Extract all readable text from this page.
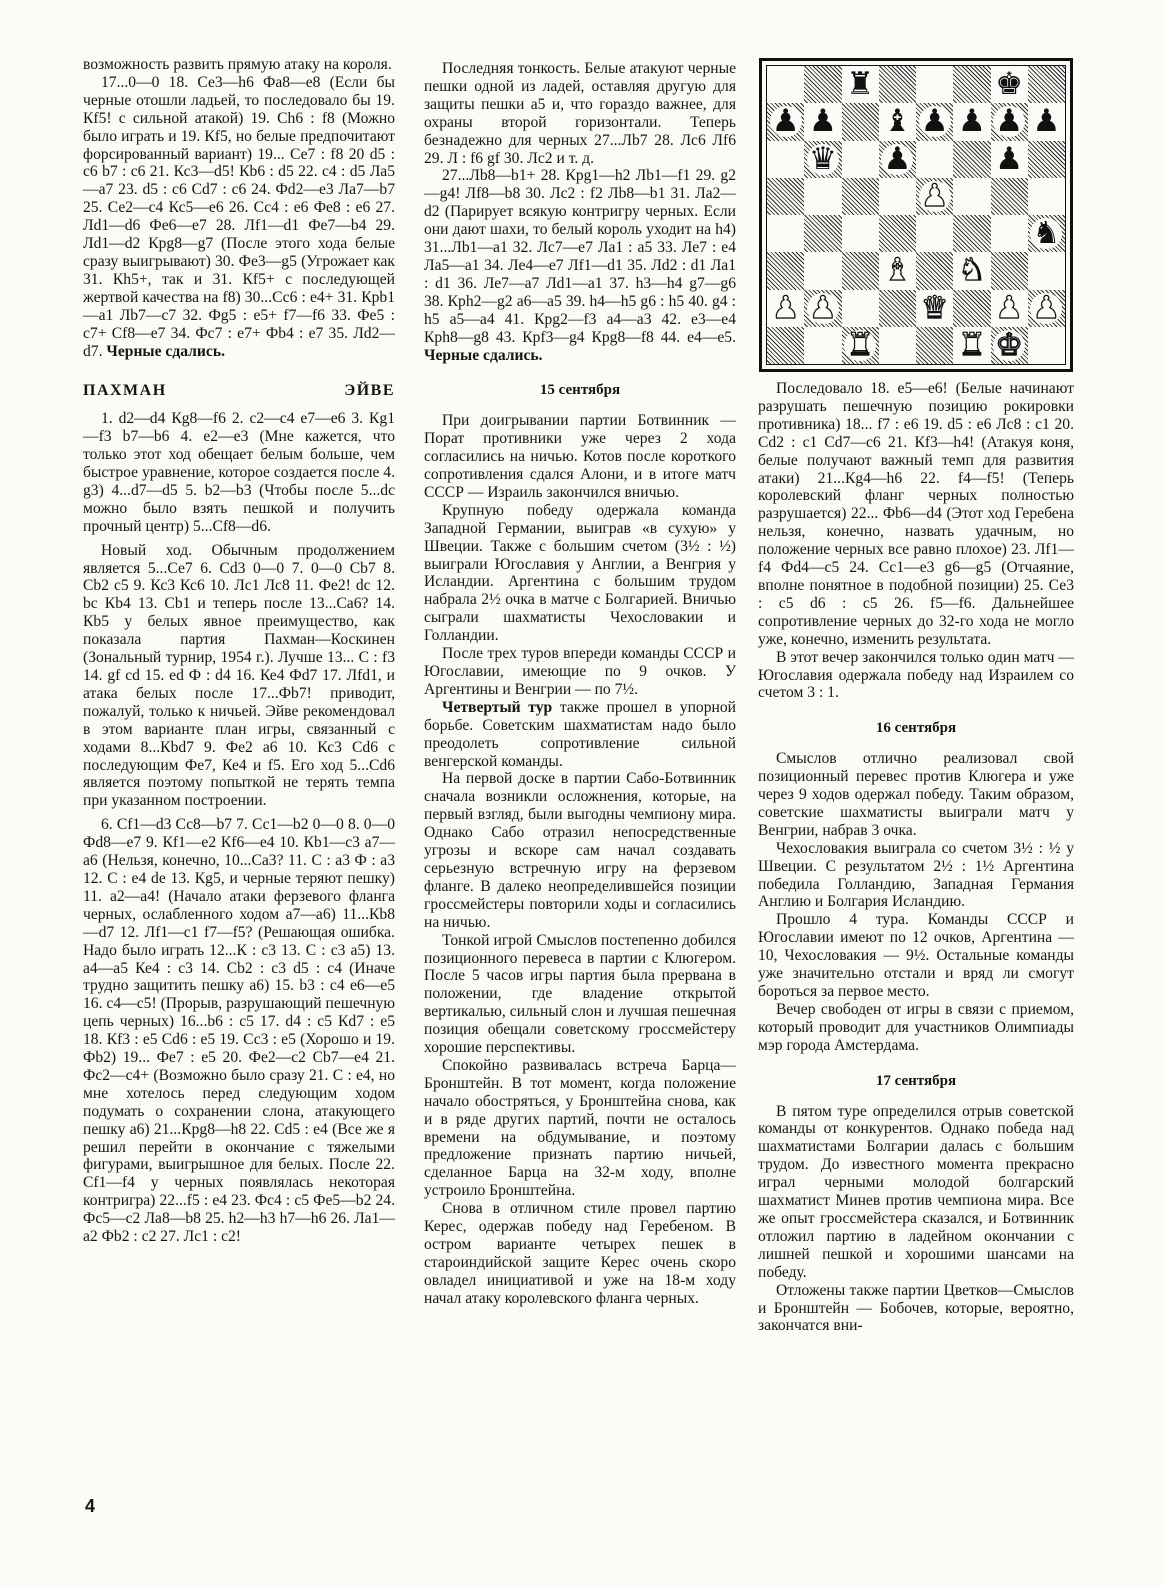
возможность развить прямую атаку на короля.

17...0—0 18. Се3—h6 Фа8—е8 (Если бы черные отошли ладьей, то последовало бы 19. Кf5! с сильной атакой) 19. Сh6 : f8 (Можно было играть и 19. Кf5, но белые предпочитают форсированный вариант) 19... Се7 : f8 20 d5 : с6 b7 : с6 21. Кс3—d5! Кb6 : d5 22. с4 : d5 Ла5—а7 23. d5 : с6 Сd7 : с6 24. Фd2—е3 Ла7—b7 25. Се2—с4 Кс5—е6 26. Сс4 : е6 Фе8 : е6 27. Лd1—d6 Фе6—е7 28. Лf1—d1 Фе7—b4 29. Лd1—d2 Крg8—g7 (После этого хода белые сразу выигрывают) 30. Фе3—g5 (Угрожает как 31. Кh5+, так и 31. Кf5+ с последующей жертвой качества на f8) 30...Сс6 : е4+ 31. Крb1—а1 Лb7—с7 32. Фg5 : е5+ f7—f6 33. Фе5 : с7+ Сf8—е7 34. Фс7 : е7+ Фb4 : е7 35. Лd2—d7. Черные сдались.

ПАХМАН	ЭЙВЕ

1. d2—d4 Кg8—f6 2. с2—с4 е7—е6 3. Кg1—f3 b7—b6 4. е2—е3 (Мне кажется, что только этот ход обещает белым больше, чем быстрое уравнение, которое создается после 4. g3) 4...d7—d5 5. b2—b3 (Чтобы после 5...dс можно было взять пешкой и получить прочный центр) 5...Сf8—d6.

Новый ход. Обычным продолжением является 5...Се7 6. Сd3 0—0 7. 0—0 Сb7 8. Сb2 с5 9. Кс3 Кс6 10. Лс1 Лс8 11. Фе2! dс 12. bс Кb4 13. Сb1 и теперь после 13...Са6? 14. Кb5 у белых явное преимущество, как показала партия Пахман—Коскинен (Зональный турнир, 1954 г.). Лучше 13... С : f3 14. gf сd 15. еd Ф : d4 16. Ке4 Фd7 17. Лfd1, и атака белых после 17...Фb7! приводит, пожалуй, только к ничьей. Эйве рекомендовал в этом варианте план игры, связанный с ходами 8...Кbd7 9. Фе2 а6 10. Кс3 Сd6 с последующим Фе7, Ке4 и f5. Его ход 5...Сd6 является поэтому попыткой не терять темпа при указанном построении.

6. Сf1—d3 Сс8—b7 7. Сс1—b2 0—0 8. 0—0 Фd8—е7 9. Кf1—е2 Кf6—е4 10. Кb1—с3 а7—а6 (Нельзя, конечно, 10...Са3? 11. С : а3 Ф : а3 12. С : е4 dе 13. Кg5, и черные теряют пешку) 11. а2—а4! (Начало атаки ферзевого фланга черных, ослабленного ходом а7—а6) 11...Кb8—d7 12. Лf1—с1 f7—f5? (Решающая ошибка. Надо было играть 12...К : с3 13. С : с3 а5) 13. а4—а5 Ке4 : с3 14. Сb2 : с3 d5 : с4 (Иначе трудно защитить пешку а6) 15. b3 : с4 е6—е5 16. с4—с5! (Прорыв, разрушающий пешечную цепь черных) 16...b6 : с5 17. d4 : с5 Кd7 : е5 18. Кf3 : е5 Сd6 : е5 19. Сс3 : е5 (Хорошо и 19. Фb2) 19... Фе7 : е5 20. Фе2—с2 Сb7—е4 21. Фс2—с4+ (Возможно было сразу 21. С : е4, но мне хотелось перед следующим ходом подумать о сохранении слона, атакующего пешку а6) 21...Крg8—h8 22. Сd5 : е4 (Все же я решил перейти в окончание с тяжелыми фигурами, выигрышное для белых. После 22. Сf1—f4 у черных появлялась некоторая контригра) 22...f5 : е4 23. Фс4 : с5 Фе5—b2 24. Фс5—с2 Ла8—b8 25. h2—h3 h7—h6 26. Ла1—а2 Фb2 : с2 27. Лс1 : с2!

Последняя тонкость. Белые атакуют черные пешки одной из ладей, оставляя другую для защиты пешки а5 и, что гораздо важнее, для охраны второй горизонтали. Теперь безнадежно для черных 27...Лb7 28. Лс6 Лf6 29. Л : f6 gf 30. Лс2 и т. д.

27...Лb8—b1+ 28. Крg1—h2 Лb1—f1 29. g2—g4! Лf8—b8 30. Лс2 : f2 Лb8—b1 31. Ла2—d2 (Парирует всякую контригру черных. Если они дают шахи, то белый король уходит на h4) 31...Лb1—а1 32. Лс7—е7 Ла1 : а5 33. Ле7 : е4 Ла5—а1 34. Ле4—е7 Лf1—d1 35. Лd2 : d1 Ла1 : d1 36. Ле7—а7 Лd1—а1 37. h3—h4 g7—g6 38. Крh2—g2 а6—а5 39. h4—h5 g6 : h5 40. g4 : h5 а5—а4 41. Крg2—f3 а4—а3 42. е3—е4 Крh8—g8 43. Крf3—g4 Крg8—f8 44. е4—е5. Черные сдались.

15 сентября

При доигрывании партии Ботвинник — Порат противники уже через 2 хода согласились на ничью. Котов после короткого сопротивления сдался Алони, и в итоге матч СССР — Израиль закончился вничью.

Крупную победу одержала команда Западной Германии, выиграв «в сухую» у Швеции. Также с большим счетом (3½ : ½) выиграли Югославия у Англии, а Венгрия у Исландии. Аргентина с большим трудом набрала 2½ очка в матче с Болгарией. Вничью сыграли шахматисты Чехословакии и Голландии.

После трех туров впереди команды СССР и Югославии, имеющие по 9 очков. У Аргентины и Венгрии — по 7½.

Четвертый тур также прошел в упорной борьбе. Советским шахматистам надо было преодолеть сопротивление сильной венгерской команды.

На первой доске в партии Сабо-Ботвинник сначала возникли осложнения, которые, на первый взгляд, были выгодны чемпиону мира. Однако Сабо отразил непосредственные угрозы и вскоре сам начал создавать серьезную встречную игру на ферзевом фланге. В далеко неопределившейся позиции гроссмейстеры повторили ходы и согласились на ничью.

Тонкой игрой Смыслов постепенно добился позиционного перевеса в партии с Клюгером. После 5 часов игры партия была прервана в положении, где владение открытой вертикалью, сильный слон и лучшая пешечная позиция обещали советскому гроссмейстеру хорошие перспективы.

Спокойно развивалась встреча Барца—Бронштейн. В тот момент, когда положение начало обостряться, у Бронштейна снова, как и в ряде других партий, почти не осталось времени на обдумывание, и поэтому предложение признать партию ничьей, сделанное Барца на 32-м ходу, вполне устроило Бронштейна.

Снова в отличном стиле провел партию Керес, одержав победу над Геребеном. В остром варианте четырех пешек в староиндийской защите Керес очень скоро овладел инициативой и уже на 18-м ходу начал атаку королевского фланга черных.

♜	♚
♟ ♟ ♝ ♟ ♟ ♟ ♟
♛ ♟	♟
♟
♞
♝ ♞
♟ ♟	♛ ♟ ♟
♜	♜ ♚

Последовало 18. е5—е6! (Белые начинают разрушать пешечную позицию рокировки противника) 18... f7 : е6 19. d5 : е6 Лс8 : с1 20. Сd2 : с1 Сd7—с6 21. Кf3—h4! (Атакуя коня, белые получают важный темп для развития атаки) 21...Кg4—h6 22. f4—f5! (Теперь королевский фланг черных полностью разрушается) 22... Фb6—d4 (Этот ход Геребена нельзя, конечно, назвать удачным, но положение черных все равно плохое) 23. Лf1—f4 Фd4—с5 24. Сс1—е3 g6—g5 (Отчаяние, вполне понятное в подобной позиции) 25. Се3 : с5 d6 : с5 26. f5—f6. Дальнейшее сопротивление черных до 32-го хода не могло уже, конечно, изменить результата.

В этот вечер закончился только один матч — Югославия одержала победу над Израилем со счетом 3 : 1.

16 сентября

Смыслов отлично реализовал свой позиционный перевес против Клюгера и уже через 9 ходов одержал победу. Таким образом, советские шахматисты выиграли матч у Венгрии, набрав 3 очка.

Чехословакия выиграла со счетом 3½ : ½ у Швеции. С результатом 2½ : 1½ Аргентина победила Голландию, Западная Германия Англию и Болгария Исландию.

Прошло 4 тура. Команды СССР и Югославии имеют по 12 очков, Аргентина — 10, Чехословакия — 9½. Остальные команды уже значительно отстали и вряд ли смогут бороться за первое место.

Вечер свободен от игры в связи с приемом, который проводит для участников Олимпиады мэр города Амстердама.

17 сентября

В пятом туре определился отрыв советской команды от конкурентов. Однако победа над шахматистами Болгарии далась с большим трудом. До известного момента прекрасно играл черными молодой болгарский шахматист Минев против чемпиона мира. Все же опыт гроссмейстера сказался, и Ботвинник отложил партию в ладейном окончании с лишней пешкой и хорошими шансами на победу.

Отложены также партии Цветков—Смыслов и Бронштейн — Бобочев, которые, вероятно, закончатся вни-

4
